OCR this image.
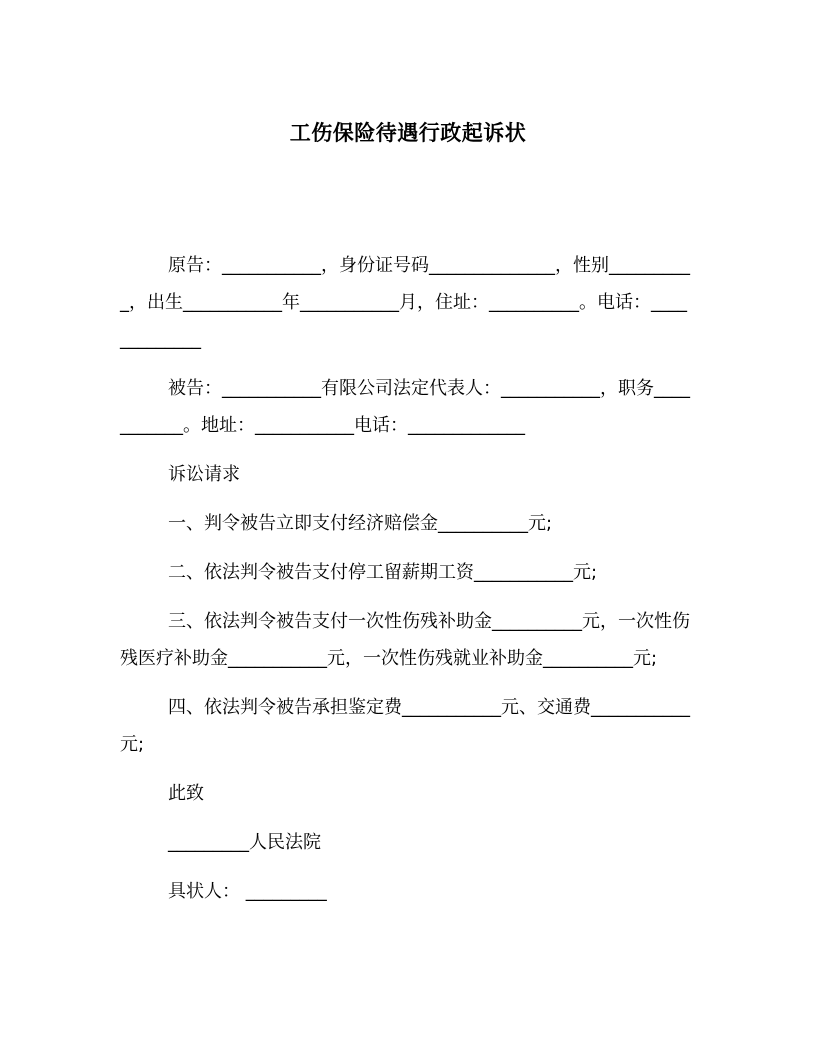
工伤保险待遇行政起诉状

原告：___________，身份证号码______________，性别__________，出生___________年___________月，住址：__________。电话：_____________

被告：___________有限公司法定代表人：___________，职务___________。地址：___________电话：_____________

诉讼请求

一、判令被告立即支付经济赔偿金__________元;

二、依法判令被告支付停工留薪期工资___________元;

三、依法判令被告支付一次性伤残补助金__________元，一次性伤残医疗补助金___________元，一次性伤残就业补助金__________元;

四、依法判令被告承担鉴定费___________元、交通费___________元;

此致

_________人民法院

具状人： _________
